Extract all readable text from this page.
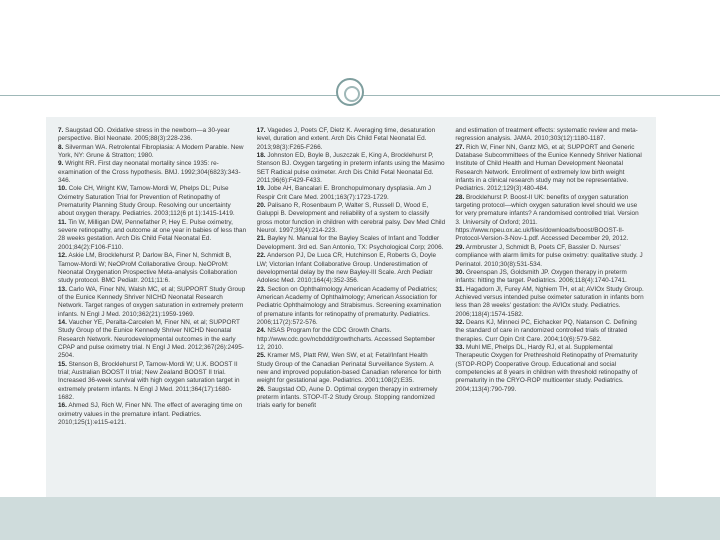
7. Saugstad OD. Oxidative stress in the newborn—a 30-year perspective. Biol Neonate. 2005;88(3):228-236.

8. Silverman WA. Retrolental Fibroplasia: A Modern Parable. New York, NY: Grune & Stratton; 1980.

9. Wright RR. First day neonatal mortality since 1935: re-examination of the Cross hypothesis. BMJ. 1992;304(6823):343-346.

10. Cole CH, Wright KW, Tarnow-Mordi W, Phelps DL; Pulse Oximetry Saturation Trial for Prevention of Retinopathy of Prematurity Planning Study Group. Resolving our uncertainty about oxygen therapy. Pediatrics. 2003;112(6 pt 1):1415-1419.

11. Tin W, Milligan DW, Pennefather P, Hey E. Pulse oximetry, severe retinopathy, and outcome at one year in babies of less than 28 weeks gestation. Arch Dis Child Fetal Neonatal Ed. 2001;84(2):F106-F110.

12. Askie LM, Brocklehurst P, Darlow BA, Finer N, Schmidt B, Tarnow-Mordi W; NeOProM Collaborative Group. NeOProM: Neonatal Oxygenation Prospective Meta-analysis Collaboration study protocol. BMC Pediatr. 2011;11:6.

13. Carlo WA, Finer NN, Walsh MC, et al; SUPPORT Study Group of the Eunice Kennedy Shriver NICHD Neonatal Research Network. Target ranges of oxygen saturation in extremely preterm infants. N Engl J Med. 2010;362(21):1959-1969.

14. Vaucher YE, Peralta-Carcelen M, Finer NN, et al; SUPPORT Study Group of the Eunice Kennedy Shriver NICHD Neonatal Research Network. Neurodevelopmental outcomes in the early CPAP and pulse oximetry trial. N Engl J Med. 2012;367(26):2495-2504.

15. Stenson B, Brocklehurst P, Tarnow-Mordi W; U.K. BOOST II trial; Australian BOOST II trial; New Zealand BOOST II trial. Increased 36-week survival with high oxygen saturation target in extremely preterm infants. N Engl J Med. 2011;364(17):1680-1682.

16. Ahmed SJ, Rich W, Finer NN. The effect of averaging time on oximetry values in the premature infant. Pediatrics. 2010;125(1):e115-e121.

17. Vagedes J, Poets CF, Dietz K. Averaging time, desaturation level, duration and extent. Arch Dis Child Fetal Neonatal Ed. 2013;98(3):F265-F266.

18. Johnston ED, Boyle B, Juszczak E, King A, Brocklehurst P, Stenson BJ. Oxygen targeting in preterm infants using the Masimo SET Radical pulse oximeter. Arch Dis Child Fetal Neonatal Ed. 2011;96(6):F429-F433.

19. Jobe AH, Bancalari E. Bronchopulmonary dysplasia. Am J Respir Crit Care Med. 2001;163(7):1723-1729.

20. Palisano R, Rosenbaum P, Walter S, Russell D, Wood E, Galuppi B. Development and reliability of a system to classify gross motor function in children with cerebral palsy. Dev Med Child Neurol. 1997;39(4):214-223.

21. Bayley N. Manual for the Bayley Scales of Infant and Toddler Development. 3rd ed. San Antonio, TX: Psychological Corp; 2006.

22. Anderson PJ, De Luca CR, Hutchinson E, Roberts G, Doyle LW; Victorian Infant Collaborative Group. Underestimation of developmental delay by the new Bayley-III Scale. Arch Pediatr Adolesc Med. 2010;164(4):352-356.

23. Section on Ophthalmology American Academy of Pediatrics; American Academy of Ophthalmology; American Association for Pediatric Ophthalmology and Strabismus. Screening examination of premature infants for retinopathy of prematurity. Pediatrics. 2006;117(2):572-576.

24. NSAS Program for the CDC Growth Charts. http://www.cdc.gov/ncbddd/growthcharts. Accessed September 12, 2010.

25. Kramer MS, Platt RW, Wen SW, et al; Fetal/Infant Health Study Group of the Canadian Perinatal Surveillance System. A new and improved population-based Canadian reference for birth weight for gestational age. Pediatrics. 2001;108(2):E35.

26. Saugstad OD, Aune D. Optimal oxygen therapy in extremely preterm infants. STOP-IT-2 Study Group. Stopping randomized trials early for benefit

and estimation of treatment effects: systematic review and meta-regression analysis. JAMA. 2010;303(12):1180-1187.

27. Rich W, Finer NN, Gantz MG, et al; SUPPORT and Generic Database Subcommittees of the Eunice Kennedy Shriver National Institute of Child Health and Human Development Neonatal Research Network. Enrollment of extremely low birth weight infants in a clinical research study may not be representative. Pediatrics. 2012;129(3):480-484.

28. Brocklehurst P. Boost-II UK: benefits of oxygen saturation targeting protocol—which oxygen saturation level should we use for very premature infants? A randomised controlled trial. Version 3. University of Oxford; 2011. https://www.npeu.ox.ac.uk/files/downloads/boost/BOOST-II-Protocol-Version-3-Nov-1.pdf. Accessed December 29, 2012.

29. Armbruster J, Schmidt B, Poets CF, Bassler D. Nurses' compliance with alarm limits for pulse oximetry: qualitative study. J Perinatol. 2010;30(8):531-534.

30. Greenspan JS, Goldsmith JP. Oxygen therapy in preterm infants: hitting the target. Pediatrics. 2006;118(4):1740-1741.

31. Hagadorn JI, Furey AM, Nghiem TH, et al; AVIOx Study Group. Achieved versus intended pulse oximeter saturation in infants born less than 28 weeks' gestation: the AVIOx study. Pediatrics. 2006;118(4):1574-1582.

32. Deans KJ, Minneci PC, Eichacker PQ, Natanson C. Defining the standard of care in randomized controlled trials of titrated therapies. Curr Opin Crit Care. 2004;10(6):579-582.

33. Muhl ME, Phelps DL, Hardy RJ, et al. Supplemental Therapeutic Oxygen for Prethreshold Retinopathy of Prematurity (STOP-ROP) Cooperative Group. Educational and social competencies at 8 years in children with threshold retinopathy of prematurity in the CRYO-ROP multicenter study. Pediatrics. 2004;113(4):790-799.
